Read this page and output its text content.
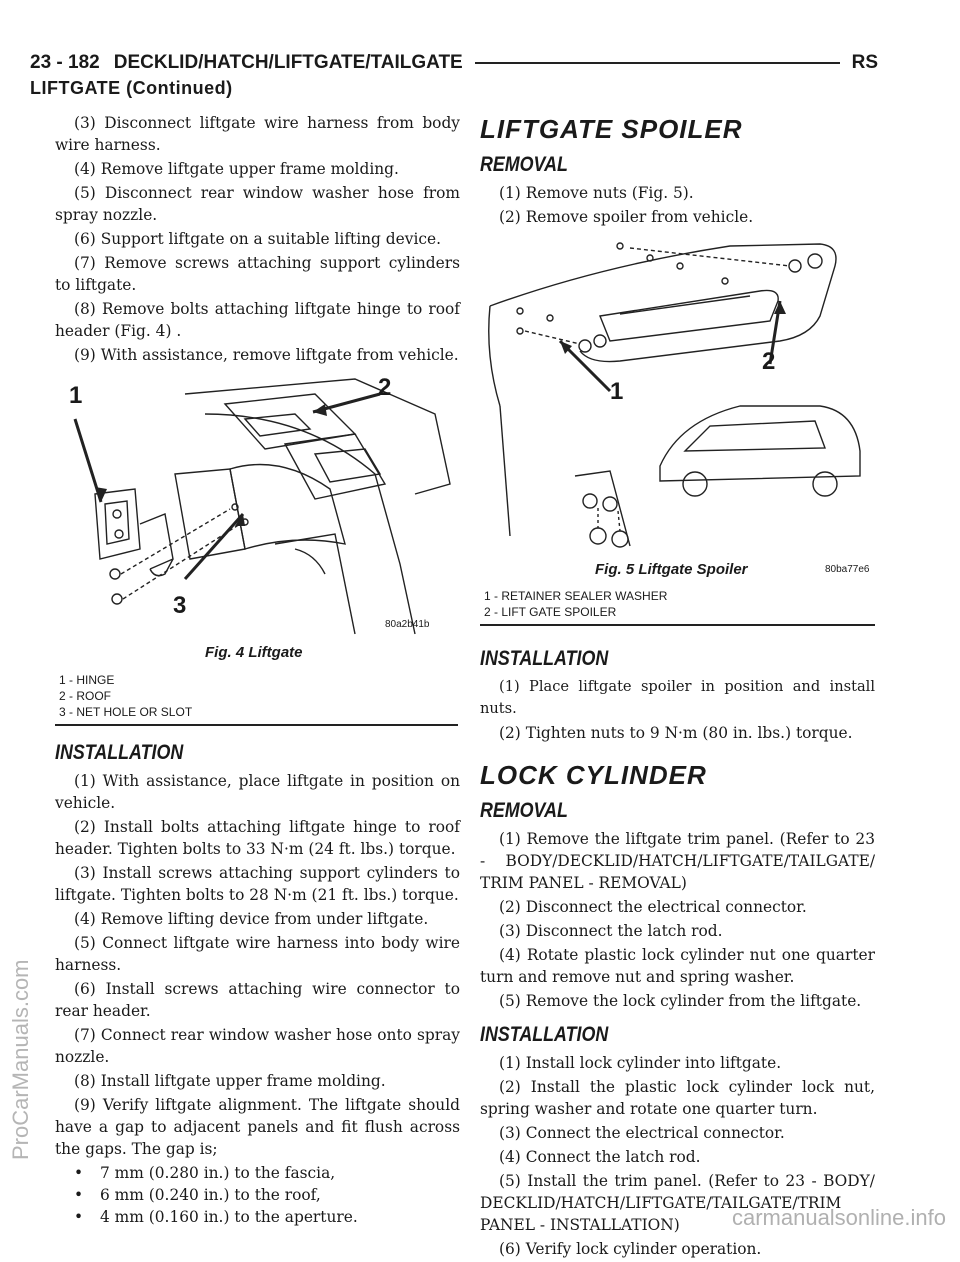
23 - 182 DECKLID/HATCH/LIFTGATE/TAILGATE	RS
LIFTGATE (Continued)

(3) Disconnect liftgate wire harness from body wire harness.

(4) Remove liftgate upper frame molding.

(5) Disconnect rear window washer hose from spray nozzle.

(6) Support liftgate on a suitable lifting device.

(7) Remove screws attaching support cylinders to liftgate.

(8) Remove bolts attaching liftgate hinge to roof header (Fig. 4) .

(9) With assistance, remove liftgate from vehicle.

1	2
3
80a2b41b
Fig. 4 Liftgate
1 - HINGE
2 - ROOF
3 - NET HOLE OR SLOT
INSTALLATION

(1) With assistance, place liftgate in position on vehicle.

(2) Install bolts attaching liftgate hinge to roof header. Tighten bolts to 33 N·m (24 ft. lbs.) torque.

(3) Install screws attaching support cylinders to liftgate. Tighten bolts to 28 N·m (21 ft. lbs.) torque.

(4) Remove lifting device from under liftgate.

(5) Connect liftgate wire harness into body wire harness.

(6) Install screws attaching wire connector to rear header.

(7) Connect rear window washer hose onto spray nozzle.

(8) Install liftgate upper frame molding.

(9) Verify liftgate alignment. The liftgate should have a gap to adjacent panels and fit flush across the gaps. The gap is;

• 7 mm (0.280 in.) to the fascia,

• 6 mm (0.240 in.) to the roof,

• 4 mm (0.160 in.) to the aperture.

LIFTGATE SPOILER
REMOVAL

(1) Remove nuts (Fig. 5).

(2) Remove spoiler from vehicle.

1
2
Fig. 5 Liftgate Spoiler	80ba77e6
1 - RETAINER SEALER WASHER
2 - LIFT GATE SPOILER
INSTALLATION

(1) Place liftgate spoiler in position and install nuts.

(2) Tighten nuts to 9 N·m (80 in. lbs.) torque.

LOCK CYLINDER
REMOVAL

(1) Remove the liftgate trim panel. (Refer to 23 - BODY/DECKLID/HATCH/LIFTGATE/TAILGATE/ TRIM PANEL - REMOVAL)

(2) Disconnect the electrical connector.

(3) Disconnect the latch rod.

(4) Rotate plastic lock cylinder nut one quarter turn and remove nut and spring washer.

(5) Remove the lock cylinder from the liftgate.

INSTALLATION

(1) Install lock cylinder into liftgate.

(2) Install the plastic lock cylinder lock nut, spring washer and rotate one quarter turn.

(3) Connect the electrical connector.

(4) Connect the latch rod.

(5) Install the trim panel. (Refer to 23 - BODY/ DECKLID/HATCH/LIFTGATE/TAILGATE/TRIM PANEL - INSTALLATION)

(6) Verify lock cylinder operation.

ProCarManuals.com
carmanualsonline.info
